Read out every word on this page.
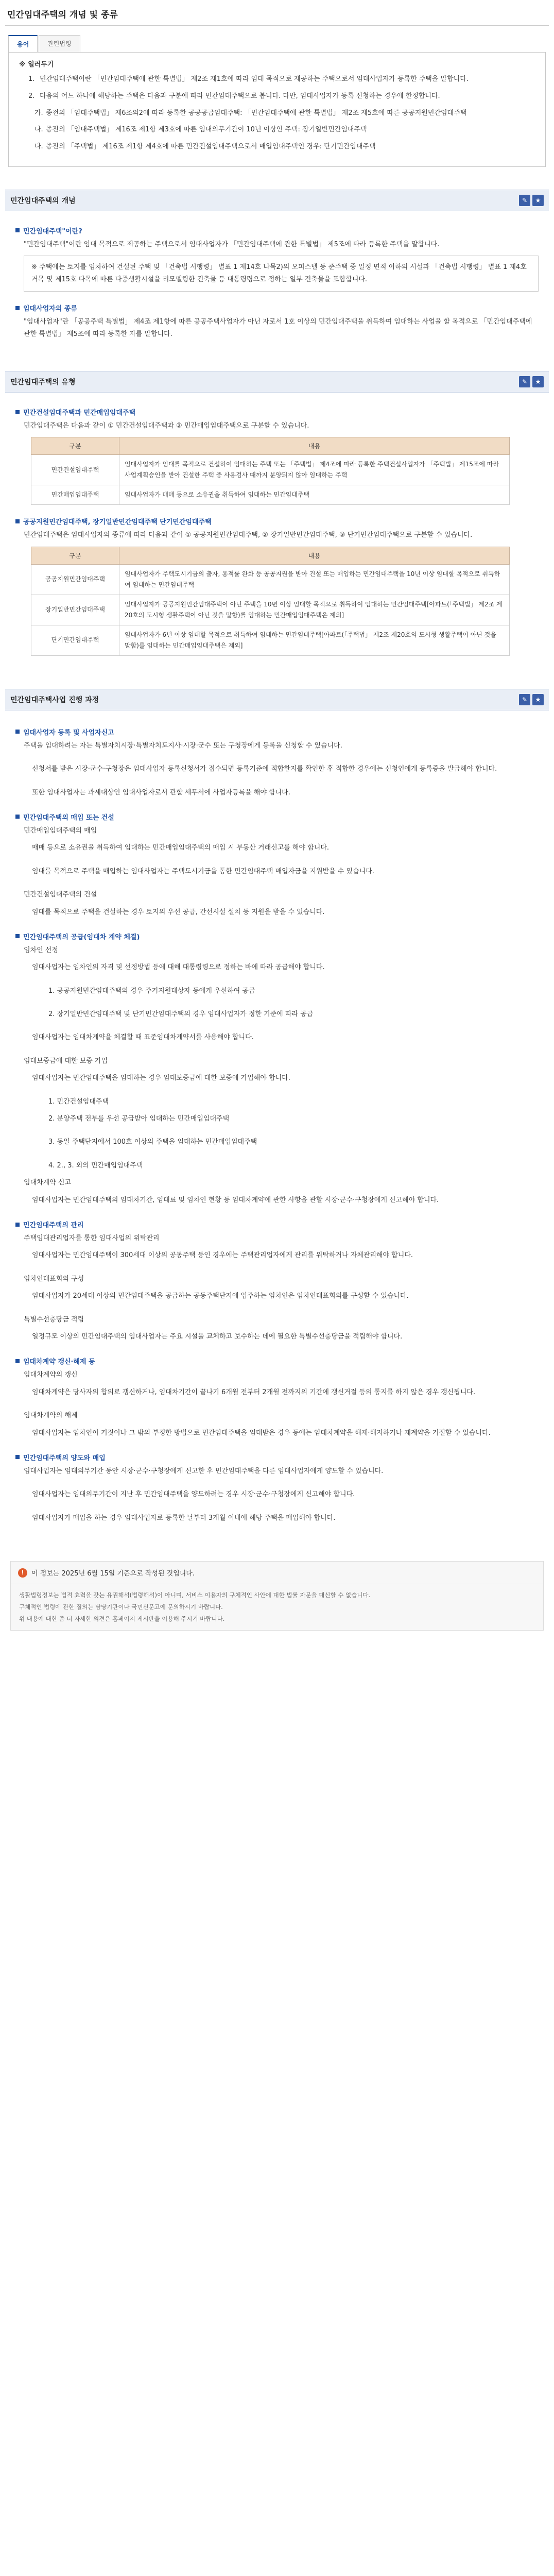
민간임대주택의 개념 및 종류
용어	관련법령
※ 일러두기
1. 민간임대주택이란 「민간임대주택에 관한 특별법」 제2조 제1호에 따라 임대 목적으로 제공하는 주택으로서 임대사업자가 등록한 주택을 말합니다.
2. 다음의 어느 하나에 해당하는 주택은 다음과 구분에 따라 민간임대주택으로 봅니다. 다만, 임대사업자가 등록 신청하는 경우에 한정합니다.
가. 종전의 「임대주택법」 제6조의2에 따라 등록한 공공공급임대주택: 「민간임대주택에 관한 특별법」 제2조 제5호에 따른 공공지원민간임대주택
나. 종전의 「임대주택법」 제16조 제1항 제3호에 따른 임대의무기간이 10년 이상인 주택: 장기일반민간임대주택
다. 종전의 「주택법」 제16조 제1항 제4호에 따른 민간건설임대주택으로서 매입임대주택인 경우: 단기민간임대주택
민간임대주택의 개념	✎	★
민간임대주택"이란?
"민간임대주택"이란 임대 목적으로 제공하는 주택으로서 임대사업자가 「민간임대주택에 관한 특별법」 제5조에 따라 등록한 주택을 말합니다.
※ 주택에는 토지를 임차하여 건설된 주택 및 「건축법 시행령」 별표 1 제14호 나목2)의 오피스텔 등 준주택 중 일정 면적 이하의 시설과 「건축법 시행령」 별표 1 제4호거목 및 제15호 다목에 따른 다중생활시설을 리모델링한 건축물 등 대통령령으로 정하는 일부 건축물을 포함합니다.
임대사업자의 종류
"임대사업자"란 「공공주택 특별법」 제4조 제1항에 따른 공공주택사업자가 아닌 자로서 1호 이상의 민간임대주택을 취득하여 임대하는 사업을 할 목적으로 「민간임대주택에 관한 특별법」 제5조에 따라 등록한 자를 말합니다.
민간임대주택의 유형	✎	★
민간건설임대주택과 민간매입임대주택
민간임대주택은 다음과 같이 ① 민간건설임대주택과 ② 민간매입임대주택으로 구분할 수 있습니다.
구분	내용
민간건설임대주택	임대사업자가 임대를 목적으로 건설하여 임대하는 주택 또는 「주택법」 제4조에 따라 등록한 주택건설사업자가 「주택법」 제15조에 따라 사업계획승인을 받아 건설한 주택 중 사용검사 때까지 분양되지 않아 임대하는 주택
민간매입임대주택	임대사업자가 매매 등으로 소유권을 취득하여 임대하는 민간임대주택
공공지원민간임대주택, 장기일반민간임대주택 단기민간임대주택
민간임대주택은 임대사업자의 종류에 따라 다음과 같이 ① 공공지원민간임대주택, ② 장기일반민간임대주택, ③ 단기민간임대주택으로 구분할 수 있습니다.
구분	내용
공공지원민간임대주택	임대사업자가 주택도시기금의 출자, 용적률 완화 등 공공지원을 받아 건설 또는 매입하는 민간임대주택을 10년 이상 임대할 목적으로 취득하여 임대하는 민간임대주택
장기일반민간임대주택	임대사업자가 공공지원민간임대주택이 아닌 주택을 10년 이상 임대할 목적으로 취득하여 임대하는 민간임대주택[아파트(「주택법」 제2조 제20호의 도시형 생활주택이 아닌 것을 말함)를 임대하는 민간매입임대주택은 제외]
단기민간임대주택	임대사업자가 6년 이상 임대할 목적으로 취득하여 임대하는 민간임대주택[아파트(「주택법」 제2조 제20호의 도시형 생활주택이 아닌 것을 말함)를 임대하는 민간매입임대주택은 제외]
민간임대주택사업 진행 과정	✎	★
임대사업자 등록 및 사업자신고
주택을 임대하려는 자는 특별자치시장·특별자치도지사·시장·군수 또는 구청장에게 등록을 신청할 수 있습니다.
신청서를 받은 시장·군수·구청장은 임대사업자 등록신청서가 접수되면 등록기준에 적합한지를 확인한 후 적합한 경우에는 신청인에게 등록증을 발급해야 합니다.
또한 임대사업자는 과세대상인 임대사업자로서 관할 세무서에 사업자등록을 해야 합니다.
민간임대주택의 매입 또는 건설
민간매입임대주택의 매입
매매 등으로 소유권을 취득하여 임대하는 민간매입임대주택의 매입 시 부동산 거래신고를 해야 합니다.
임대를 목적으로 주택을 매입하는 임대사업자는 주택도시기금을 통한 민간임대주택 매입자금을 지원받을 수 있습니다.
민간건설임대주택의 건설
임대를 목적으로 주택을 건설하는 경우 토지의 우선 공급, 간선시설 설치 등 지원을 받을 수 있습니다.
민간임대주택의 공급(임대차 계약 체결)
임차인 선정
임대사업자는 임차인의 자격 및 선정방법 등에 대해 대통령령으로 정하는 바에 따라 공급해야 합니다.
1. 공공지원민간임대주택의 경우 주거지원대상자 등에게 우선하여 공급
2. 장기일반민간임대주택 및 단기민간임대주택의 경우 임대사업자가 정한 기준에 따라 공급
임대사업자는 임대차계약을 체결할 때 표준임대차계약서를 사용해야 합니다.
임대보증금에 대한 보증 가입
임대사업자는 민간임대주택을 임대하는 경우 임대보증금에 대한 보증에 가입해야 합니다.
1. 민간건설임대주택
2. 분양주택 전부를 우선 공급받아 임대하는 민간매입임대주택
3. 동일 주택단지에서 100호 이상의 주택을 임대하는 민간매입임대주택
4. 2., 3. 외의 민간매입임대주택
임대차계약 신고
임대사업자는 민간임대주택의 임대차기간, 임대료 및 임차인 현황 등 임대차계약에 관한 사항을 관할 시장·군수·구청장에게 신고해야 합니다.
민간임대주택의 관리
주택임대관리업자를 통한 임대사업의 위탁관리
임대사업자는 민간임대주택이 300세대 이상의 공동주택 등인 경우에는 주택관리업자에게 관리를 위탁하거나 자체관리해야 합니다.
임차인대표회의 구성
임대사업자가 20세대 이상의 민간임대주택을 공급하는 공동주택단지에 입주하는 임차인은 임차인대표회의를 구성할 수 있습니다.
특별수선충당금 적립
일정규모 이상의 민간임대주택의 임대사업자는 주요 시설을 교체하고 보수하는 데에 필요한 특별수선충당금을 적립해야 합니다.
임대차계약 갱신·해제 등
임대차계약의 갱신
임대차계약은 당사자의 합의로 갱신하거나, 임대차기간이 끝나기 6개월 전부터 2개월 전까지의 기간에 갱신거절 등의 통지를 하지 않은 경우 갱신됩니다.
임대차계약의 해제
임대사업자는 임차인이 거짓이나 그 밖의 부정한 방법으로 민간임대주택을 임대받은 경우 등에는 임대차계약을 해제·해지하거나 재계약을 거절할 수 있습니다.
민간임대주택의 양도와 매입
임대사업자는 임대의무기간 동안 시장·군수·구청장에게 신고한 후 민간임대주택을 다른 임대사업자에게 양도할 수 있습니다.
임대사업자는 임대의무기간이 지난 후 민간임대주택을 양도하려는 경우 시장·군수·구청장에게 신고해야 합니다.
임대사업자가 매입을 하는 경우 임대사업자로 등록한 날부터 3개월 이내에 해당 주택을 매입해야 합니다.
!	이 정보는 2025년 6월 15일 기준으로 작성된 것입니다.
생활법령정보는 법적 효력을 갖는 유권해석(법령해석)이 아니며, 서비스 이용자의 구체적인 사안에 대한 법률 자문을 대신할 수 없습니다.
구체적인 법령에 관한 질의는 담당기관이나 국민신문고에 문의하시기 바랍니다.
위 내용에 대한 좀 더 자세한 의견은 홈페이지 게시판을 이용해 주시기 바랍니다.
